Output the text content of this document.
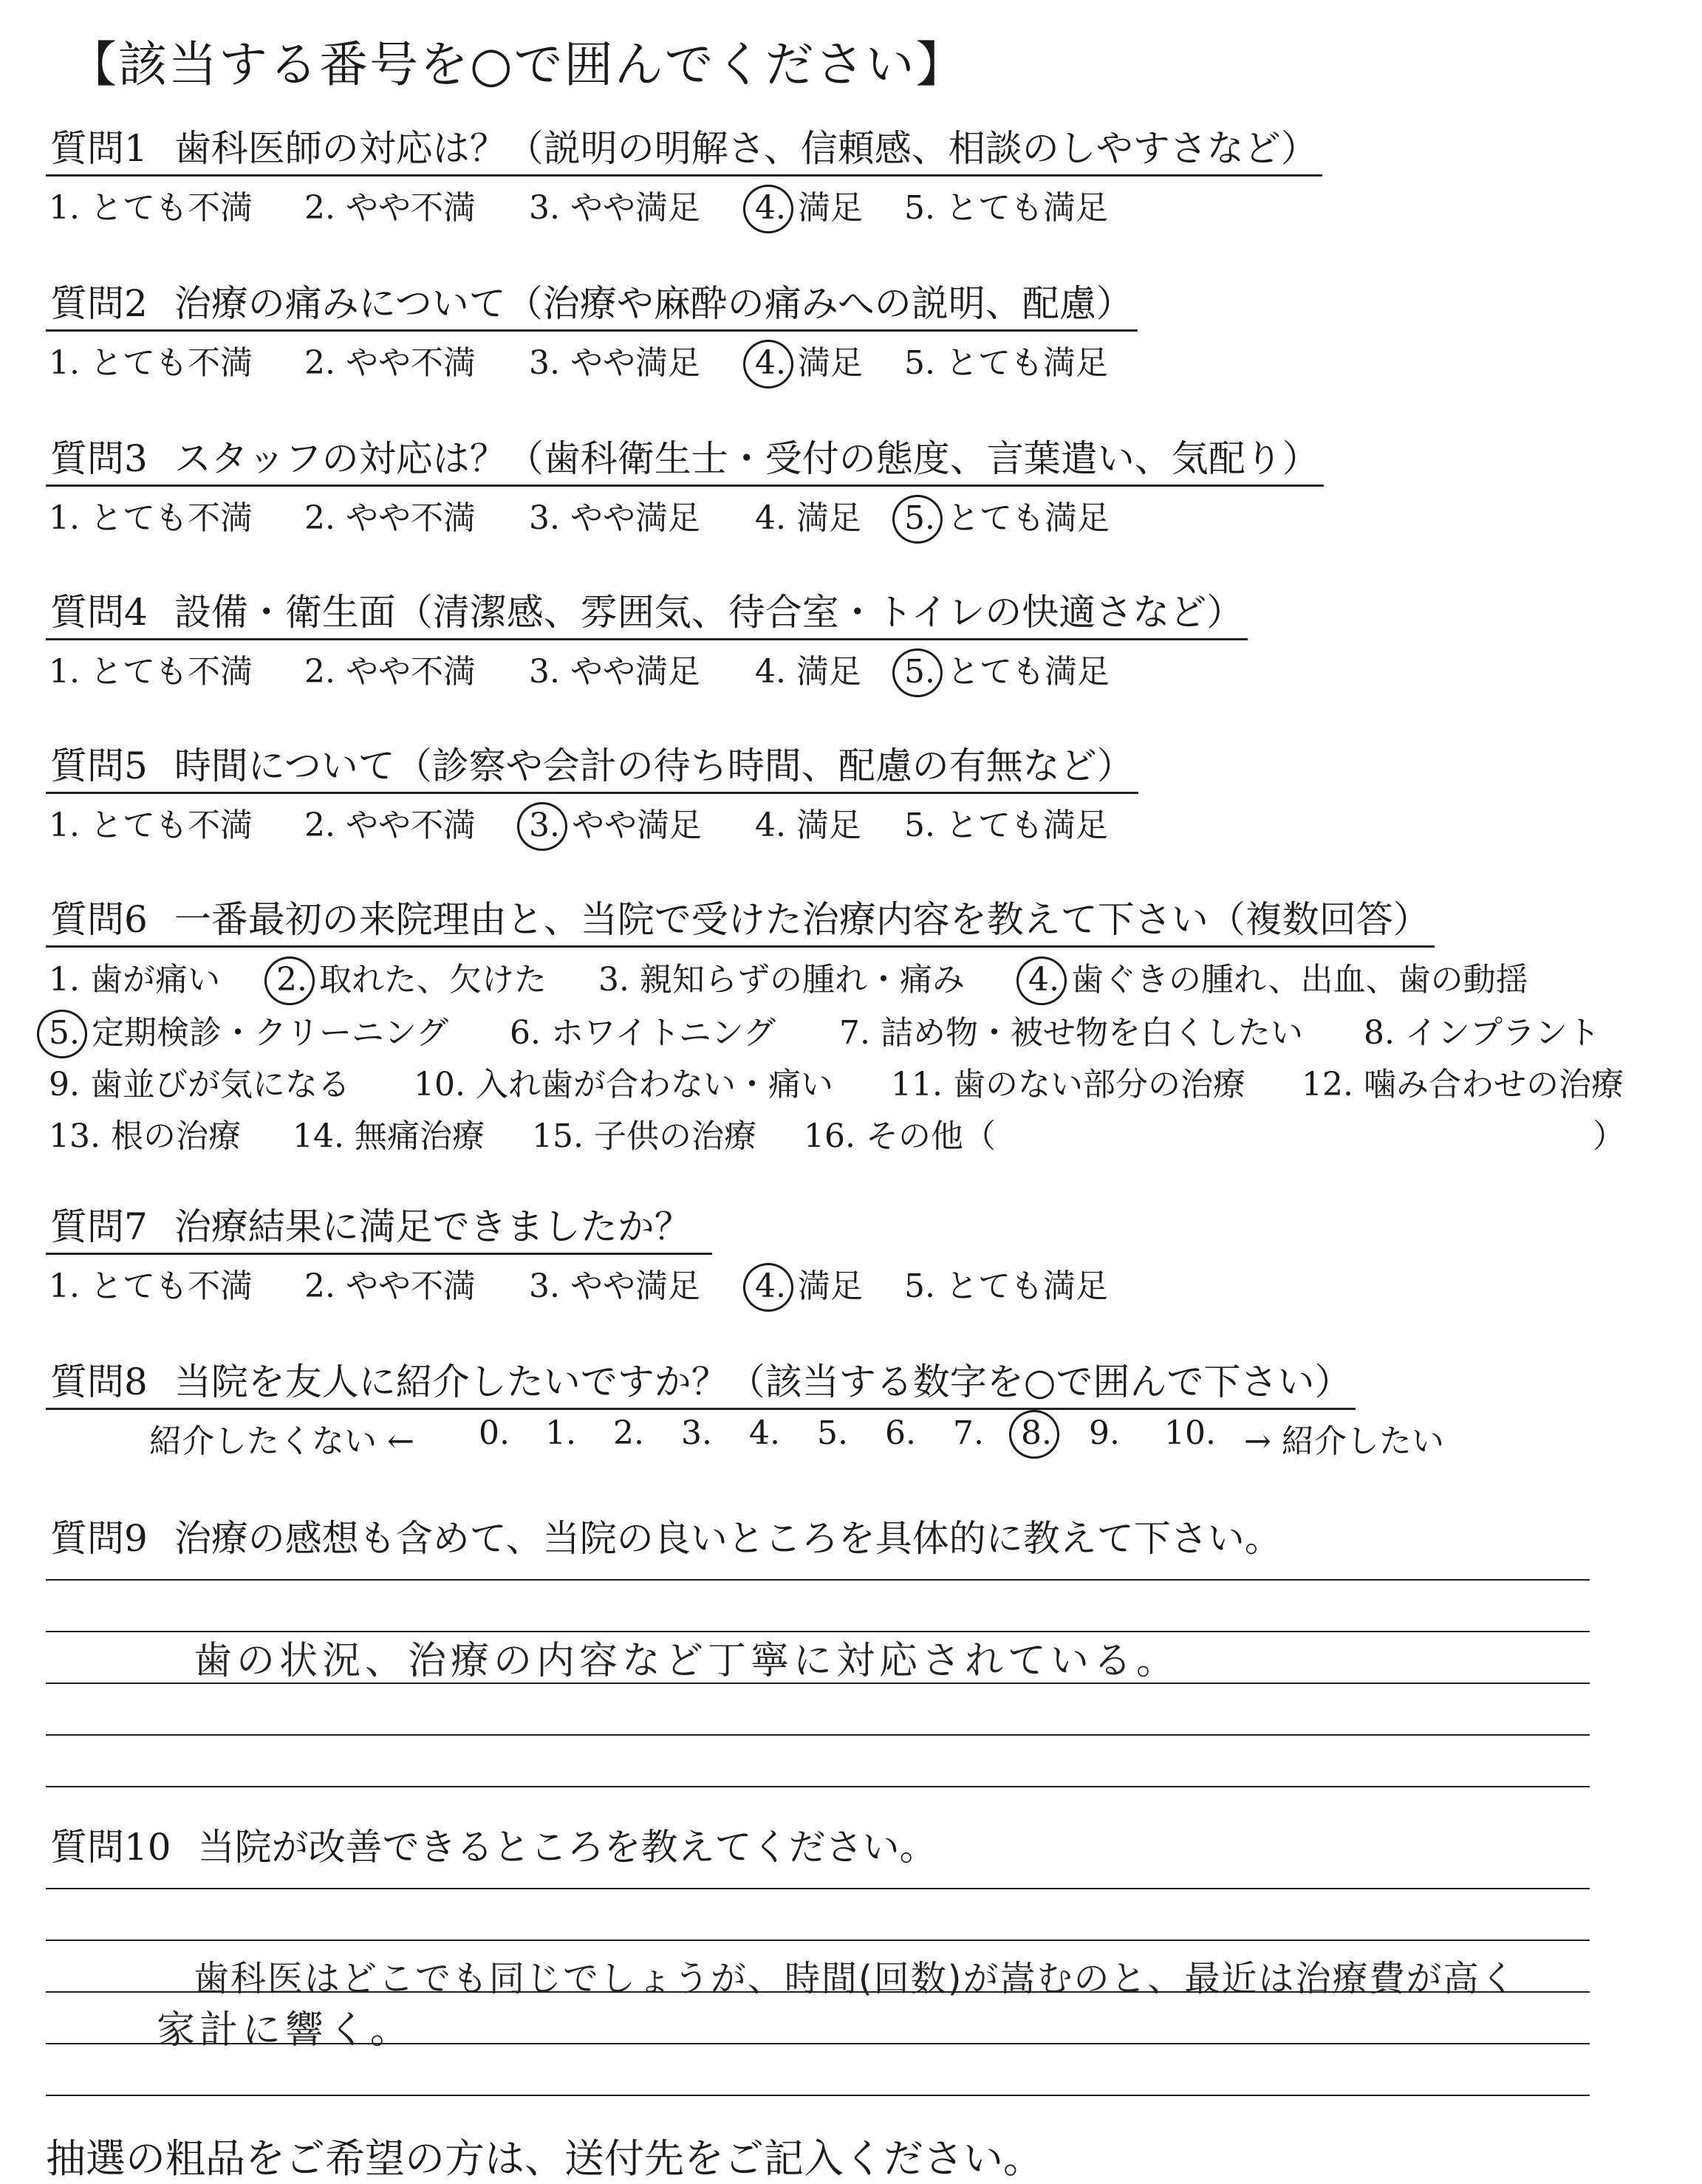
【該当する番号を○で囲んでください】
質問1 歯科医師の対応は？（説明の明解さ、信頼感、相談のしやすさなど）
1. とても不満 2. やや不満 3. やや満足 4. 満足 5. とても満足
質問2 治療の痛みについて（治療や麻酔の痛みへの説明、配慮）
1. とても不満 2. やや不満 3. やや満足 4. 満足 5. とても満足
質問3 スタッフの対応は？（歯科衛生士・受付の態度、言葉遣い、気配り）
1. とても不満 2. やや不満 3. やや満足 4. 満足 5. とても満足
質問4 設備・衛生面（清潔感、雰囲気、待合室・トイレの快適さなど）
1. とても不満 2. やや不満 3. やや満足 4. 満足 5. とても満足
質問5 時間について（診察や会計の待ち時間、配慮の有無など）
1. とても不満 2. やや不満 3. やや満足 4. 満足 5. とても満足
質問6 一番最初の来院理由と、当院で受けた治療内容を教えて下さい（複数回答）
1. 歯が痛い 2. 取れた、欠けた 3. 親知らずの腫れ・痛み 4. 歯ぐきの腫れ、出血、歯の動揺
5. 定期検診・クリーニング 6. ホワイトニング 7. 詰め物・被せ物を白くしたい 8. インプラント
9. 歯並びが気になる 10. 入れ歯が合わない・痛い 11. 歯のない部分の治療 12. 噛み合わせの治療
13. 根の治療 14. 無痛治療 15. 子供の治療 16. その他（	）
質問7 治療結果に満足できましたか？
1. とても不満 2. やや不満 3. やや満足 4. 満足 5. とても満足
質問8 当院を友人に紹介したいですか？（該当する数字を○で囲んで下さい）
紹介したくない ← 0. 1. 2. 3. 4. 5. 6. 7. 8. 9. 10. → 紹介したい
質問9 治療の感想も含めて、当院の良いところを具体的に教えて下さい。
歯の状況、治療の内容など丁寧に対応されている。
質問10 当院が改善できるところを教えてください。
歯科医はどこでも同じでしょうが、時間(回数)が嵩むのと、最近は治療費が高く
家計に響く。
抽選の粗品をご希望の方は、送付先をご記入ください。
